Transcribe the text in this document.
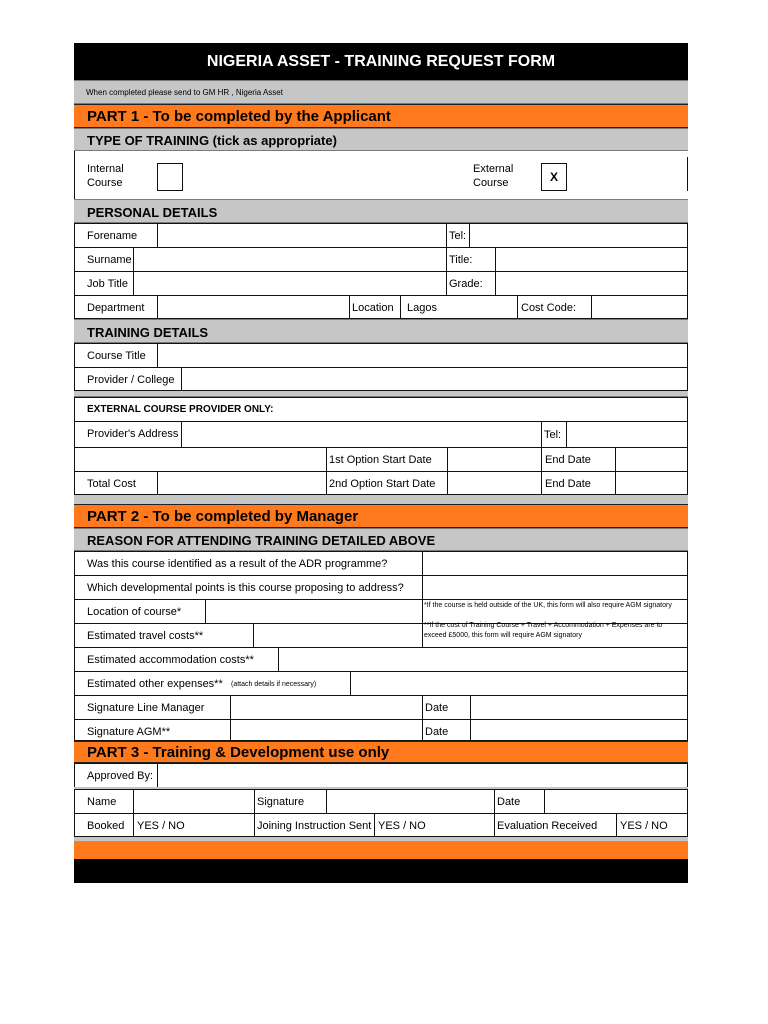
NIGERIA ASSET - TRAINING REQUEST FORM
When completed please send to GM HR , Nigeria Asset
PART 1 - To be completed by the Applicant
TYPE OF TRAINING (tick as appropriate)
Internal
Course
External
Course	X
PERSONAL DETAILS
Forename	Tel:
Surname	Title:
Job Title	Grade:
Department	Location Lagos	Cost Code:
TRAINING DETAILS
Course Title
Provider / College
EXTERNAL COURSE PROVIDER ONLY:
Provider's Address	Tel:
1st Option Start Date	End Date
Total Cost	2nd Option Start Date	End Date
PART 2 - To be completed by Manager
REASON FOR ATTENDING TRAINING DETAILED ABOVE
Was this course identified as a result of the ADR programme?
Which developmental points is this course proposing to address?
Location of course*
*If the course is held outside of the UK, this form will also require AGM signatory
Estimated travel costs**
**If the cost of Training Course + Travel + Accommodation + Expenses are to exceed £5000, this form will require AGM signatory
Estimated accommodation costs**
Estimated other expenses** (attach details if necessary)
Signature Line Manager	Date
Signature AGM**	Date
PART 3 - Training & Development use only
Approved By:
Name	Signature	Date
Booked YES / NO	Joining Instruction Sent YES / NO	Evaluation Received YES / NO
